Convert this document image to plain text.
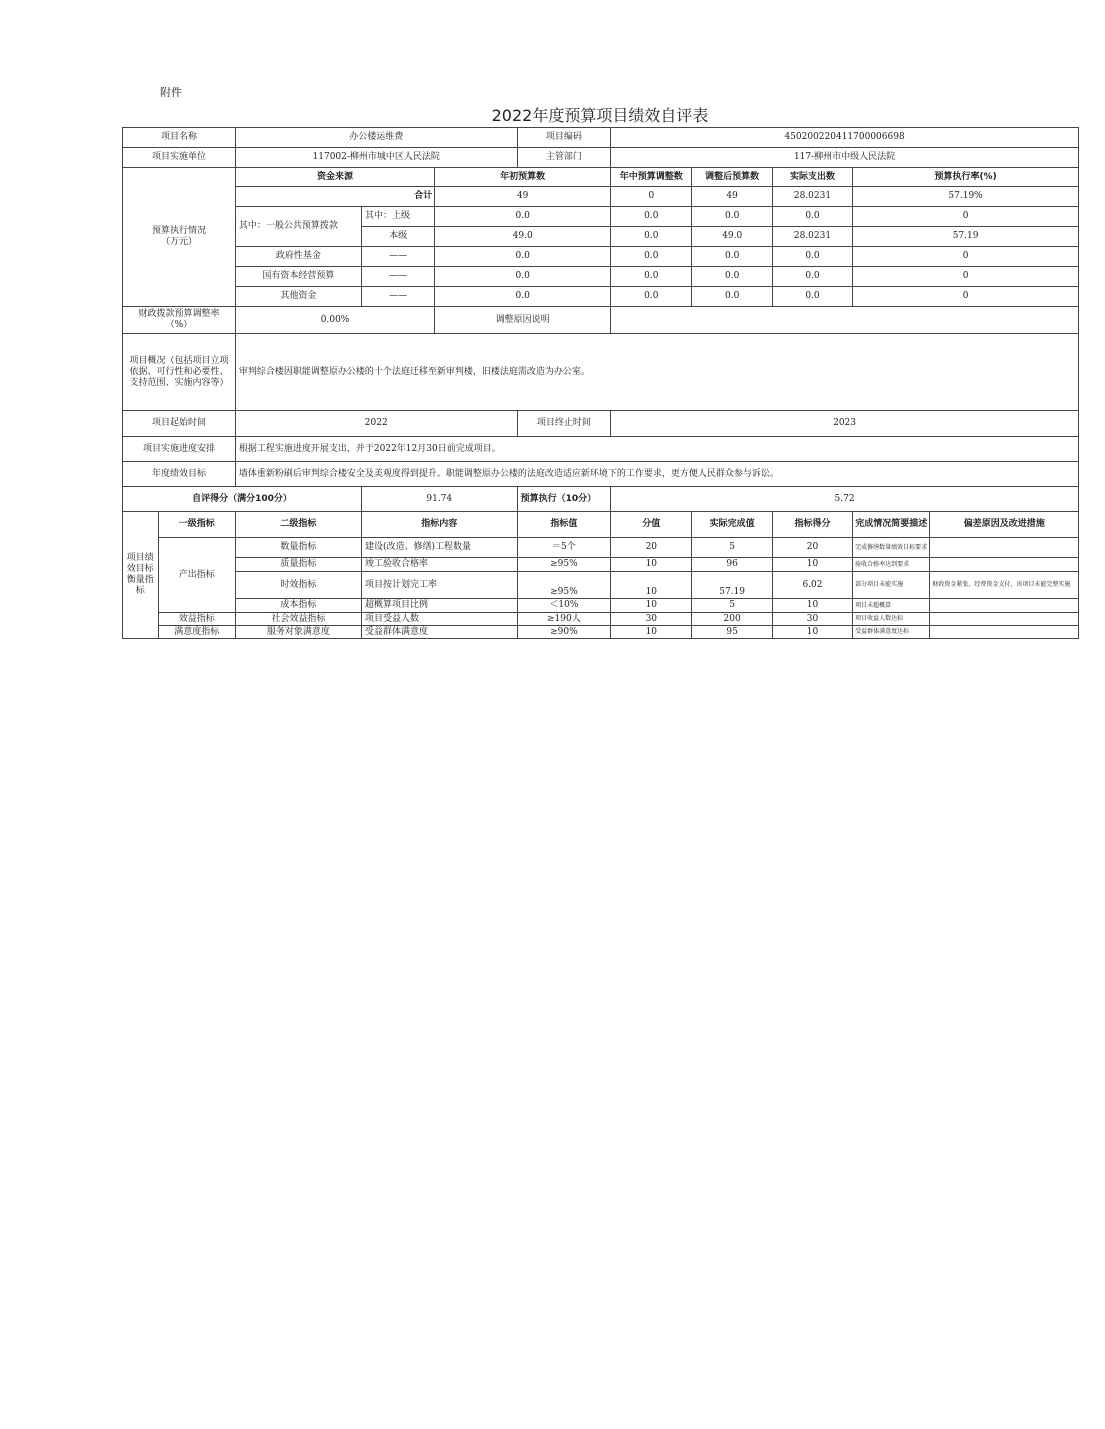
附件
2022年度预算项目绩效自评表
项目名称		办公楼运维费			项目编码	450200220411700006698				
项目实施单位		117002-柳州市城中区人民法院			主管部门	117-柳州市中级人民法院				
预算执行情况
（万元）		资金来源		年初预算数		年中预算调整数	调整后预算数	实际支出数	预算执行率(%)	
		合计		49		0	49	28.0231	57.19%	
		其中：一般公共预算拨款	其中：上级	0.0		0.0	0.0	0.0	0	
			本级	49.0		0.0	49.0	28.0231	57.19	
		政府性基金	——	0.0		0.0	0.0	0.0	0	
		国有资本经营预算	——	0.0		0.0	0.0	0.0	0	
		其他资金	——	0.0		0.0	0.0	0.0	0	
财政拨款预算调整率
（%）		0.00%		调整原因说明						
项目概况（包括项目立项依据、可行性和必要性、支持范围、实施内容等）		审判综合楼因职能调整原办公楼的十个法庭迁移至新审判楼，旧楼法庭需改造为办公室。								
项目起始时间		2022			项目终止时间	2023				
项目实施进度安排		根据工程实施进度开展支出，并于2022年12月30日前完成项目。								
年度绩效目标		墙体重新粉刷后审判综合楼安全及美观度得到提升。职能调整原办公楼的法庭改造适应新环境下的工作要求，更方便人民群众参与诉讼。								
自评得分（满分100分）			91.74		预算执行（10分）	5.72				
项目绩效目标衡量指标	一级指标	二级指标	指标内容		指标值	分值	实际完成值	指标得分	完成情况简要描述	偏差原因及改进措施
	产出指标	数量指标	建设(改造、修缮)工程数量		＝5个	20	5	20	完成修缮数量绩效目标要求	
		质量指标	竣工验收合格率		≥95%	10	96	10	验收合格率达到要求	
		时效指标	项目按计划完工率		≥95%	10	57.19	6.02	部分项目未能实施	财政资金紧张，经费资金支付，该项目未能完整实施
		成本指标	超概算项目比例		＜10%	10	5	10	项目未超概算	
	效益指标	社会效益指标	项目受益人数		≥190人	30	200	30	项目收益人数达标	
	满意度指标	服务对象满意度	受益群体满意度		≥90%	10	95	10	受益群体满意度达标	
